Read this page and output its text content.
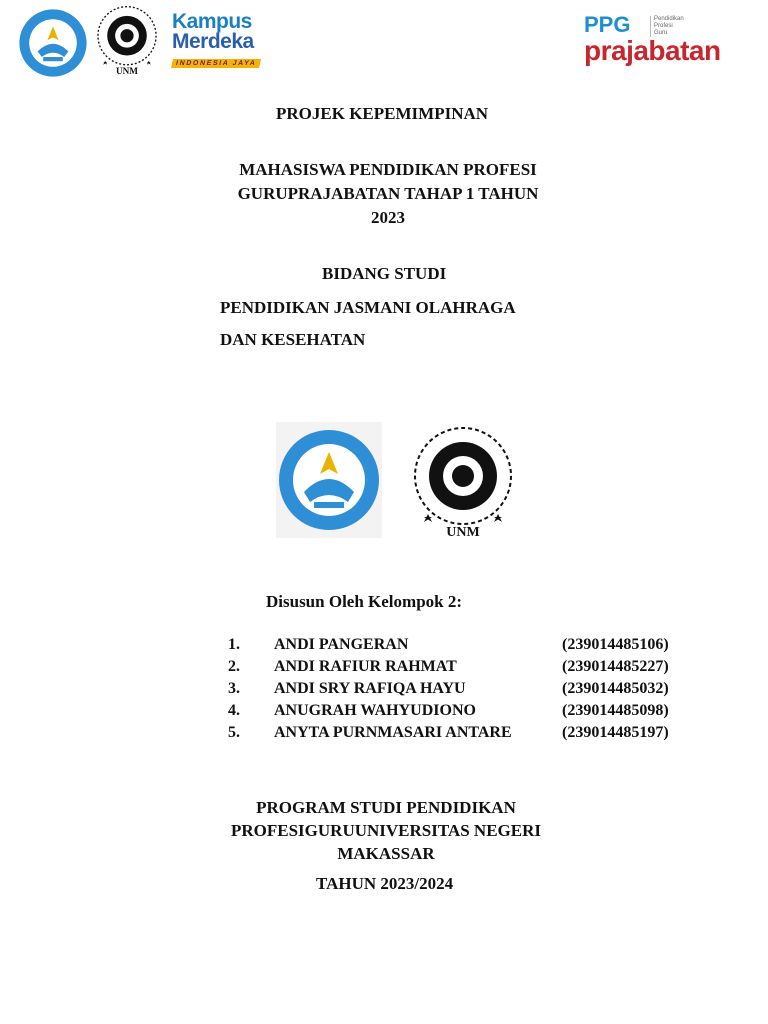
UNM
Kampus
Merdeka
INDONESIA JAYA
PPG	Pendidikan
Profesi
Guru
prajabatan
PROJEK KEPEMIMPINAN
MAHASISWA PENDIDIKAN PROFESI
GURUPRAJABATAN TAHAP 1 TAHUN
2023
BIDANG STUDI
PENDIDIKAN JASMANI OLAHRAGA
DAN KESEHATAN
UNM
Disusun Oleh Kelompok 2:
1. ANDI PANGERAN	(239014485106)
2. ANDI RAFIUR RAHMAT	(239014485227)
3. ANDI SRY RAFIQA HAYU	(239014485032)
4. ANUGRAH WAHYUDIONO	(239014485098)
5. ANYTA PURNMASARI ANTARE	(239014485197)
PROGRAM STUDI PENDIDIKAN
PROFESIGURUUNIVERSITAS NEGERI
MAKASSAR
TAHUN 2023/2024
